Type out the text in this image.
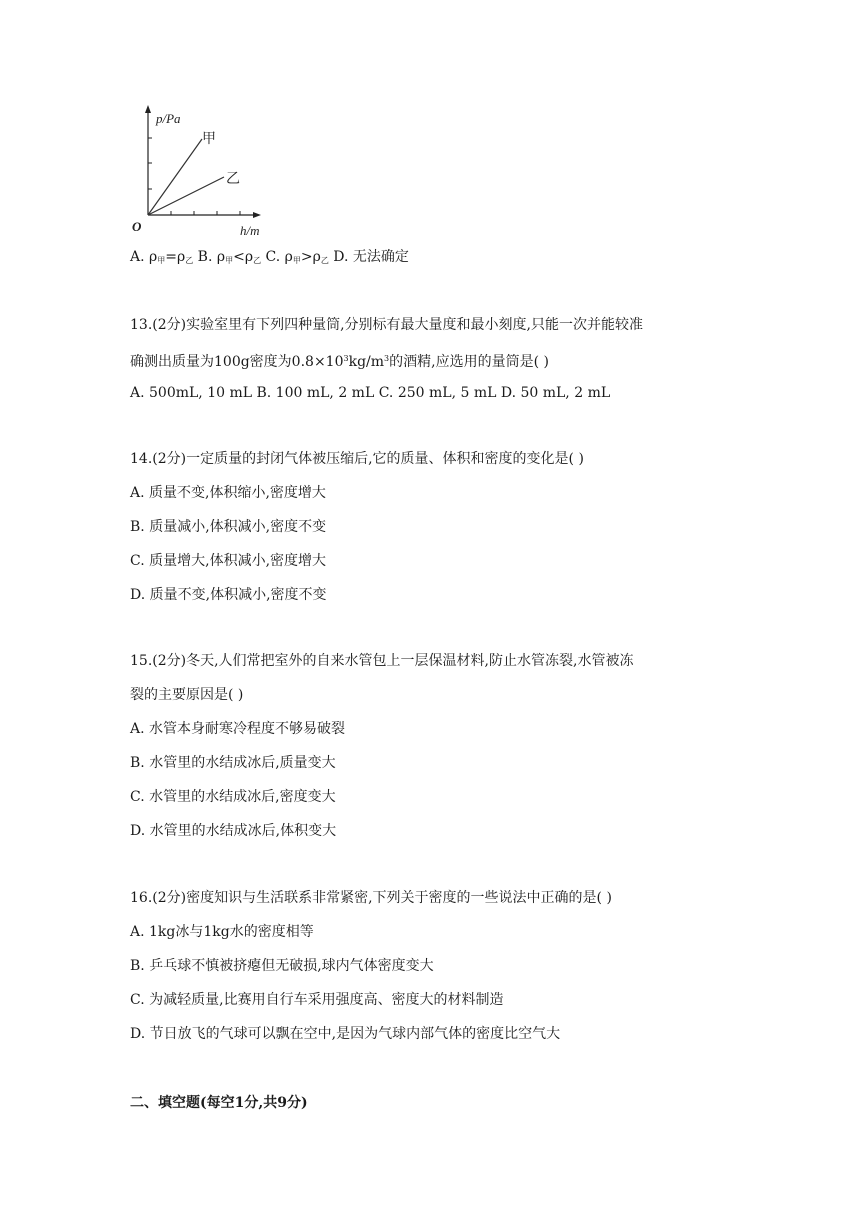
p/Pa
h/m
O
甲
乙
A. $\rho_甲=\rho_乙$ B. $\rho_甲<\rho_乙$ C. $\rho_甲>\rho_乙$ D. 无法确定
13.(2分)实验室里有下列四种量筒,分别标有最大量度和最小刻度,只能一次并能较准
确测出质量为100g密度为$0.8\times 10^3kg/m^3$的酒精,应选用的量筒是( )
A. 500mL, 10 mL B. 100 mL, 2 mL C. 250 mL, 5 mL D. 50 mL, 2 mL
14.(2分)一定质量的封闭气体被压缩后,它的质量、体积和密度的变化是( )
A. 质量不变,体积缩小,密度增大
B. 质量减小,体积减小,密度不变
C. 质量增大,体积减小,密度增大
D. 质量不变,体积减小,密度不变
15.(2分)冬天,人们常把室外的自来水管包上一层保温材料,防止水管冻裂,水管被冻
裂的主要原因是( )
A. 水管本身耐寒冷程度不够易破裂
B. 水管里的水结成冰后,质量变大
C. 水管里的水结成冰后,密度变大
D. 水管里的水结成冰后,体积变大
16.(2分)密度知识与生活联系非常紧密,下列关于密度的一些说法中正确的是( )
A. 1kg冰与1kg水的密度相等
B. 乒乓球不慎被挤瘪但无破损,球内气体密度变大
C. 为减轻质量,比赛用自行车采用强度高、密度大的材料制造
D. 节日放飞的气球可以飘在空中,是因为气球内部气体的密度比空气大
二、填空题(每空1分,共9分)
